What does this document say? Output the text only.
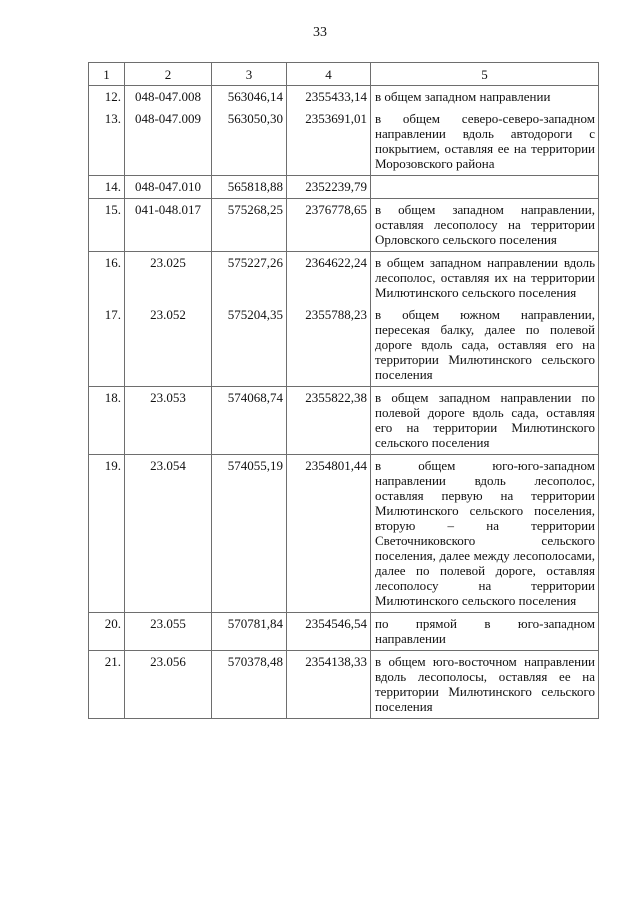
33
1	2	3	4	5
12.	048-047.008	563046,14	2355433,14	в общем западном направлении
13.	048-047.009	563050,30	2353691,01	в общем северо-северо-западном направлении вдоль автодороги с покрытием, оставляя ее на территории Морозовского района
14.	048-047.010	565818,88	2352239,79	
15.	041-048.017	575268,25	2376778,65	в общем западном направлении, оставляя лесополосу на территории Орловского сельского поселения
16.	23.025	575227,26	2364622,24	в общем западном направлении вдоль лесополос, оставляя их на территории Милютинского сельского поселения
17.	23.052	575204,35	2355788,23	в общем южном направлении, пересекая балку, далее по полевой дороге вдоль сада, оставляя его на территории Милютинского сельского поселения
18.	23.053	574068,74	2355822,38	в общем западном направлении по полевой дороге вдоль сада, оставляя его на территории Милютинского сельского поселения
19.	23.054	574055,19	2354801,44	в общем юго-юго-западном направлении вдоль лесополос, оставляя первую на территории Милютинского сельского поселения, вторую – на территории Светочниковского сельского поселения, далее между лесополосами, далее по полевой дороге, оставляя лесополосу на территории Милютинского сельского поселения
20.	23.055	570781,84	2354546,54	по прямой в юго-западном направлении
21.	23.056	570378,48	2354138,33	в общем юго-восточном направлении вдоль лесополосы, оставляя ее на территории Милютинского сельского поселения
